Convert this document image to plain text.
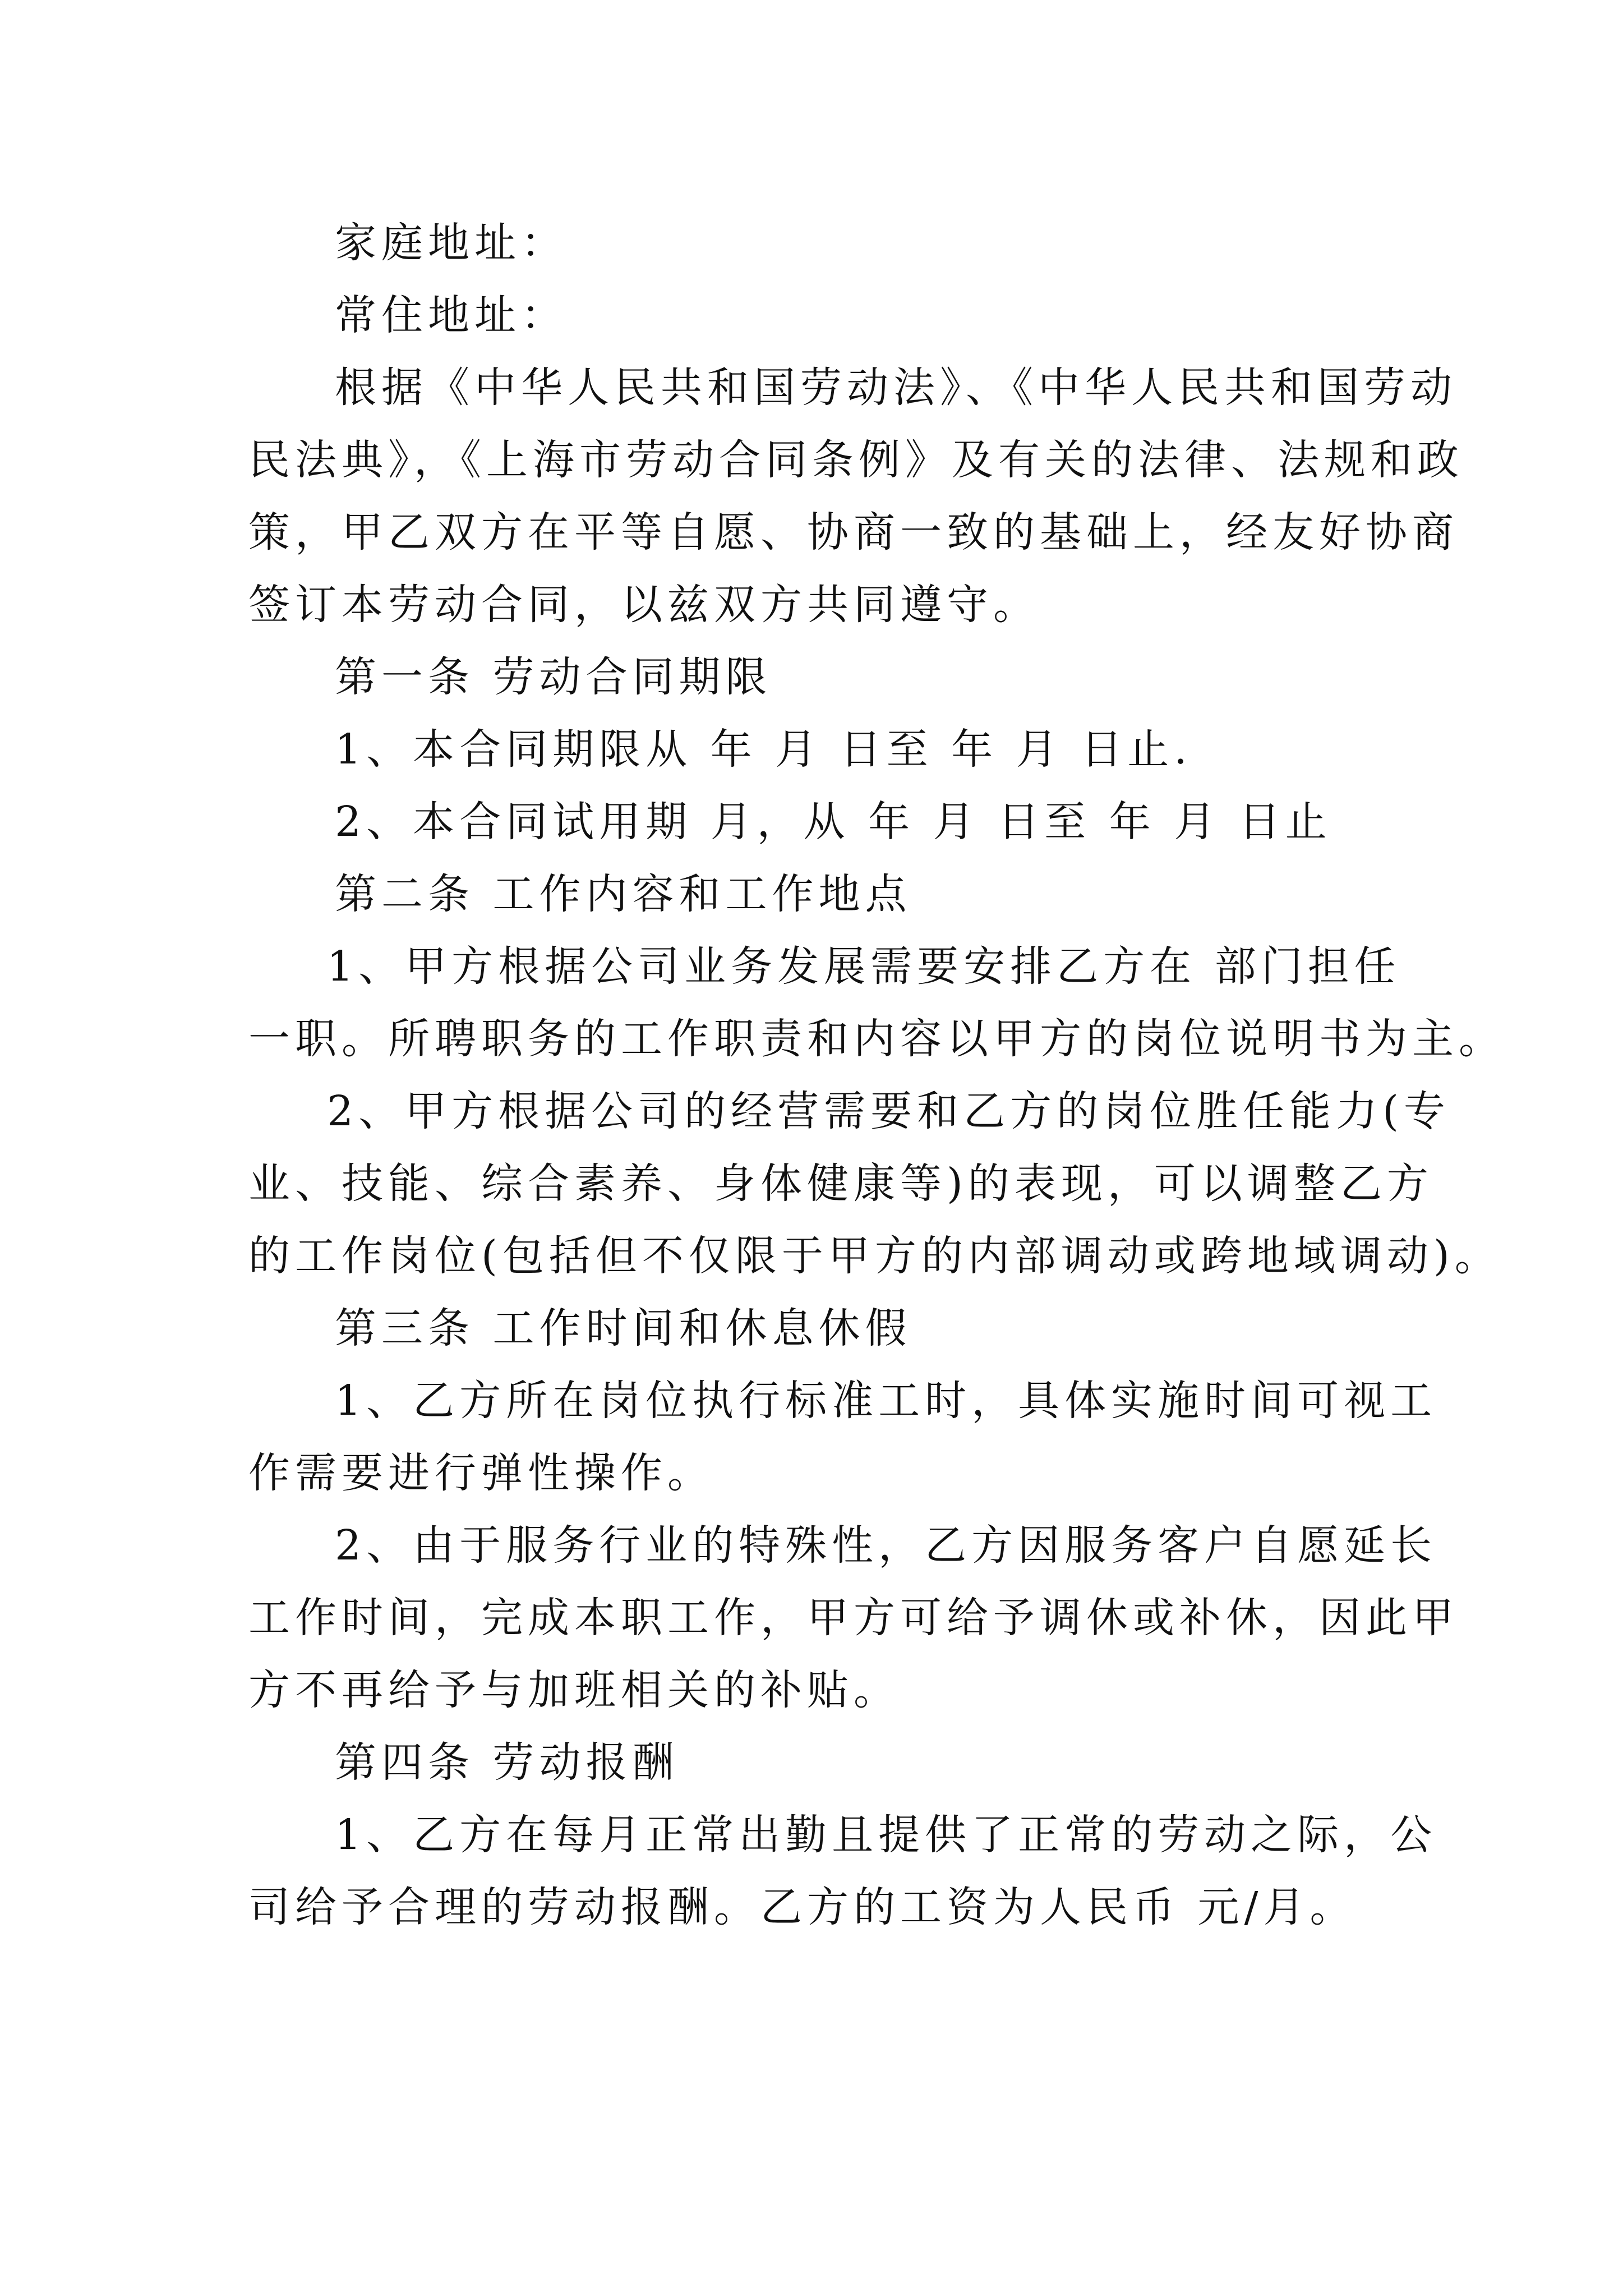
家庭地址：
常住地址：
根据《中华人民共和国劳动法》、《中华人民共和国劳动
民法典》，《上海市劳动合同条例》及有关的法律、法规和政
策，甲乙双方在平等自愿、协商一致的基础上，经友好协商
签订本劳动合同，以兹双方共同遵守。
第一条 劳动合同期限
1、本合同期限从 年 月 日至 年 月 日止.
2、本合同试用期 月，从 年 月 日至 年 月 日止
第二条 工作内容和工作地点
1、甲方根据公司业务发展需要安排乙方在 部门担任
一职。所聘职务的工作职责和内容以甲方的岗位说明书为主。
2、甲方根据公司的经营需要和乙方的岗位胜任能力(专
业、技能、综合素养、身体健康等)的表现，可以调整乙方
的工作岗位(包括但不仅限于甲方的内部调动或跨地域调动)。
第三条 工作时间和休息休假
1、乙方所在岗位执行标准工时，具体实施时间可视工
作需要进行弹性操作。
2、由于服务行业的特殊性，乙方因服务客户自愿延长
工作时间，完成本职工作，甲方可给予调休或补休，因此甲
方不再给予与加班相关的补贴。
第四条 劳动报酬
1、乙方在每月正常出勤且提供了正常的劳动之际，公
司给予合理的劳动报酬。乙方的工资为人民币 元/月。
